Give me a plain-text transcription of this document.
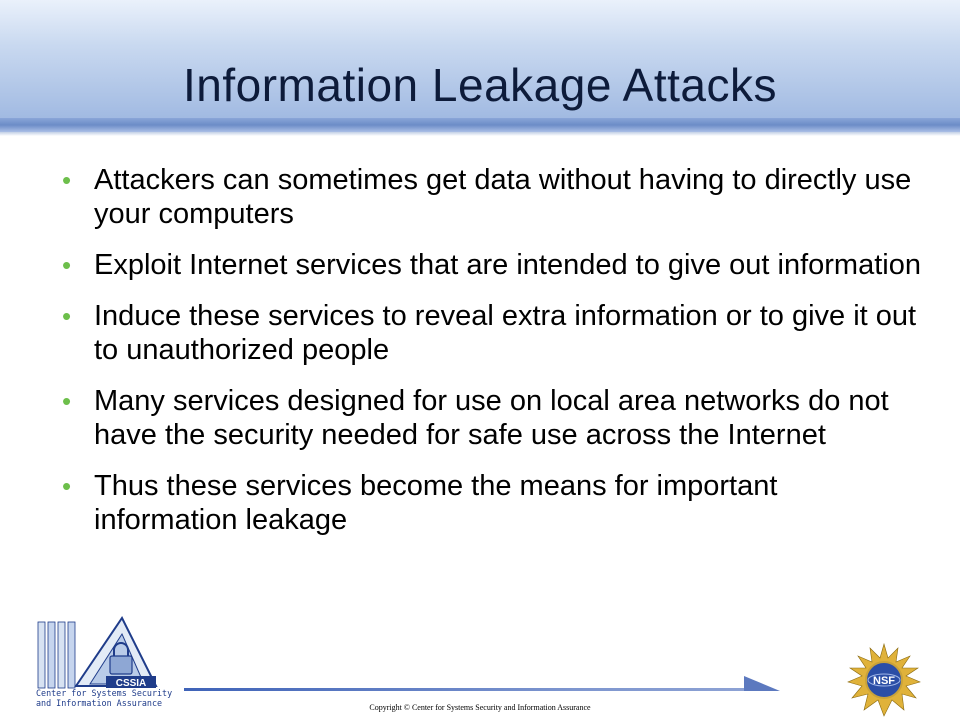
Information Leakage Attacks
• Attackers can sometimes get data without having to directly use your computers
• Exploit Internet services that are intended to give out information
• Induce these services to reveal extra information or to give it out to unauthorized people
• Many services designed for use on local area networks do not have the security needed for safe use across the Internet
• Thus these services become the means for important information leakage
CSSIA
Center for Systems Security
and Information Assurance	Copyright © Center for Systems Security and Information Assurance
NSF
